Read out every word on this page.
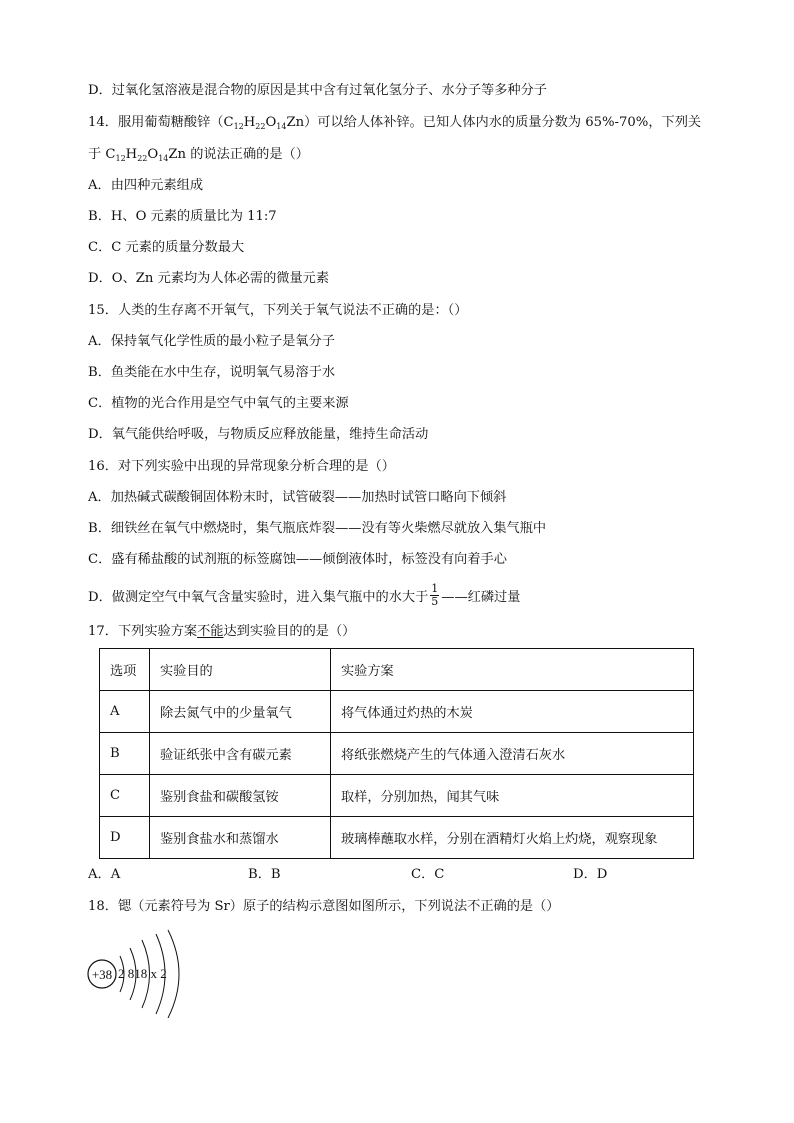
D．过氧化氢溶液是混合物的原因是其中含有过氧化氢分子、水分子等多种分子
14．服用葡萄糖酸锌$(C_{12}H_{22}O_{14}Zn)$可以给人体补锌。已知人体内水的质量分数为 65%-70%，下列关
于 $C_{12}H_{22}O_{14}Zn$ 的说法正确的是（）
A．由四种元素组成
B．H、O 元素的质量比为 11:7
C．C 元素的质量分数最大
D．O、Zn 元素均为人体必需的微量元素
15．人类的生存离不开氧气，下列关于氧气说法不正确的是：（）
A．保持氧气化学性质的最小粒子是氧分子
B．鱼类能在水中生存，说明氧气易溶于水
C．植物的光合作用是空气中氧气的主要来源
D．氧气能供给呼吸，与物质反应释放能量，维持生命活动
16．对下列实验中出现的异常现象分析合理的是（）
A．加热碱式碳酸铜固体粉末时，试管破裂——加热时试管口略向下倾斜
B．细铁丝在氧气中燃烧时，集气瓶底炸裂——没有等火柴燃尽就放入集气瓶中
C．盛有稀盐酸的试剂瓶的标签腐蚀——倾倒液体时，标签没有向着手心
D．做测定空气中氧气含量实验时，进入集气瓶中的水大于 $\frac{1}{5}$ ——红磷过量
17．下列实验方案不能达到实验目的的是（）
选项	实验目的	实验方案
A	除去氮气中的少量氧气	将气体通过灼热的木炭
B	验证纸张中含有碳元素	将纸张燃烧产生的气体通入澄清石灰水
C	鉴别食盐和碳酸氢铵	取样，分别加热，闻其气味
D	鉴别食盐水和蒸馏水	玻璃棒蘸取水样，分别在酒精灯火焰上灼烧，观察现象
A．A	B．B	C．C	D．D
18．锶（元素符号为 Sr）原子的结构示意图如图所示，下列说法不正确的是（）
+38 2 818 x 2
